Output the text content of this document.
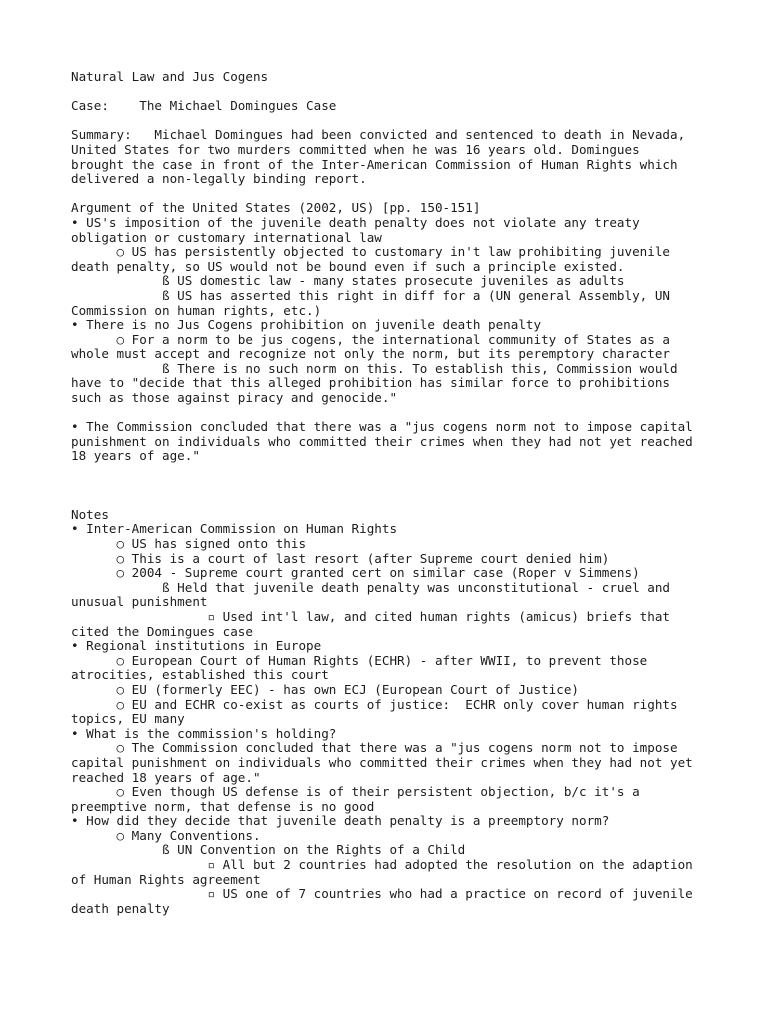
Natural Law and Jus Cogens
Case:    The Michael Domingues Case
Summary:   Michael Domingues had been convicted and sentenced to death in Nevada,
United States for two murders committed when he was 16 years old. Domingues
brought the case in front of the Inter-American Commission of Human Rights which
delivered a non-legally binding report.
Argument of the United States (2002, US) [pp. 150-151]
• US's imposition of the juvenile death penalty does not violate any treaty
obligation or customary international law
○ US has persistently objected to customary in't law prohibiting juvenile
death penalty, so US would not be bound even if such a principle existed.
ß US domestic law - many states prosecute juveniles as adults
ß US has asserted this right in diff for a (UN general Assembly, UN
Commission on human rights, etc.)
• There is no Jus Cogens prohibition on juvenile death penalty
○ For a norm to be jus cogens, the international community of States as a
whole must accept and recognize not only the norm, but its peremptory character
ß There is no such norm on this. To establish this, Commission would
have to "decide that this alleged prohibition has similar force to prohibitions
such as those against piracy and genocide."
• The Commission concluded that there was a "jus cogens norm not to impose capital
punishment on individuals who committed their crimes when they had not yet reached
18 years of age."
Notes
• Inter-American Commission on Human Rights
○ US has signed onto this
○ This is a court of last resort (after Supreme court denied him)
○ 2004 - Supreme court granted cert on similar case (Roper v Simmens)
ß Held that juvenile death penalty was unconstitutional - cruel and
unusual punishment
▫ Used int'l law, and cited human rights (amicus) briefs that
cited the Domingues case
• Regional institutions in Europe
○ European Court of Human Rights (ECHR) - after WWII, to prevent those
atrocities, established this court
○ EU (formerly EEC) - has own ECJ (European Court of Justice)
○ EU and ECHR co-exist as courts of justice:  ECHR only cover human rights
topics, EU many
• What is the commission's holding?
○ The Commission concluded that there was a "jus cogens norm not to impose
capital punishment on individuals who committed their crimes when they had not yet
reached 18 years of age."
○ Even though US defense is of their persistent objection, b/c it's a
preemptive norm, that defense is no good
• How did they decide that juvenile death penalty is a preemptory norm?
○ Many Conventions.
ß UN Convention on the Rights of a Child
▫ All but 2 countries had adopted the resolution on the adaption
of Human Rights agreement
▫ US one of 7 countries who had a practice on record of juvenile
death penalty
